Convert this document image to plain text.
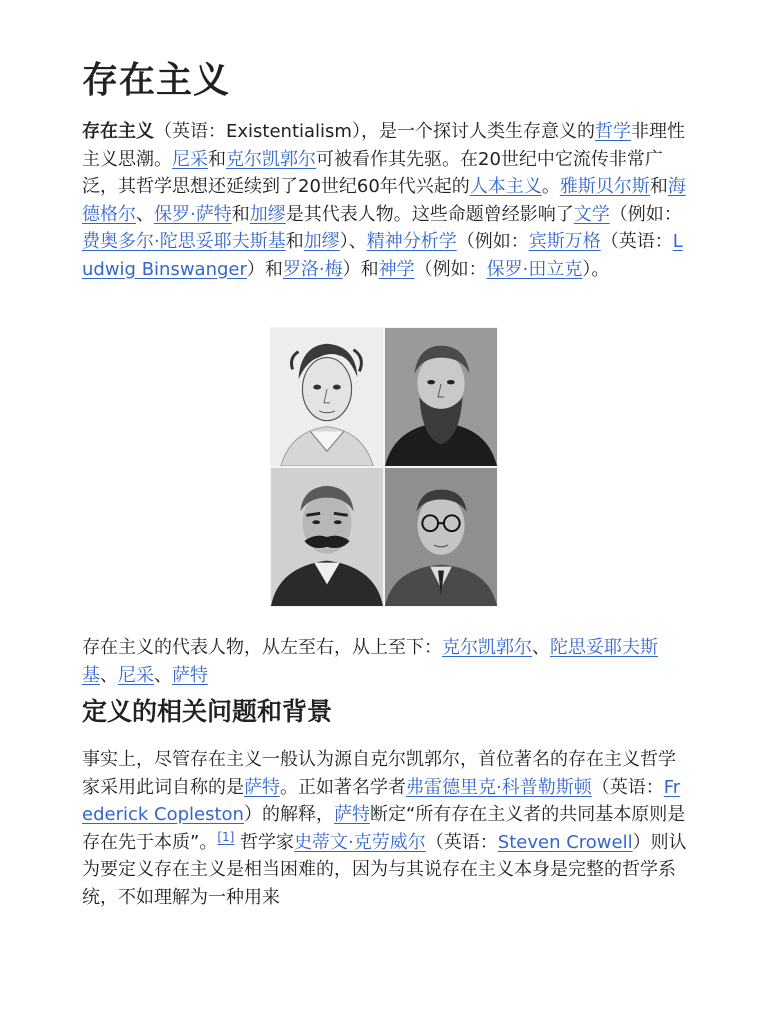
存在主义

存在主义（英语：Existentialism），是一个探讨人类生存意义的哲学非理性主义思潮。尼采和克尔凯郭尔可被看作其先驱。在20世纪中它流传非常广泛，其哲学思想还延续到了20世纪60年代兴起的人本主义。雅斯贝尔斯和海德格尔、保罗·萨特和加缪是其代表人物。这些命题曾经影响了文学（例如：费奥多尔·陀思妥耶夫斯基和加缪）、精神分析学（例如：宾斯万格（英语：Ludwig Binswanger）和罗洛·梅）和神学（例如：保罗·田立克）。

存在主义的代表人物，从左至右，从上至下：克尔凯郭尔、陀思妥耶夫斯基、尼采、萨特

定义的相关问题和背景

事实上，尽管存在主义一般认为源自克尔凯郭尔，首位著名的存在主义哲学家采用此词自称的是萨特。正如著名学者弗雷德里克·科普勒斯顿（英语：Frederick Copleston）的解释，萨特断定“所有存在主义者的共同基本原则是存在先于本质”。[1] 哲学家史蒂文·克劳威尔（英语：Steven Crowell）则认为要定义存在主义是相当困难的，因为与其说存在主义本身是完整的哲学系统，不如理解为一种用来
